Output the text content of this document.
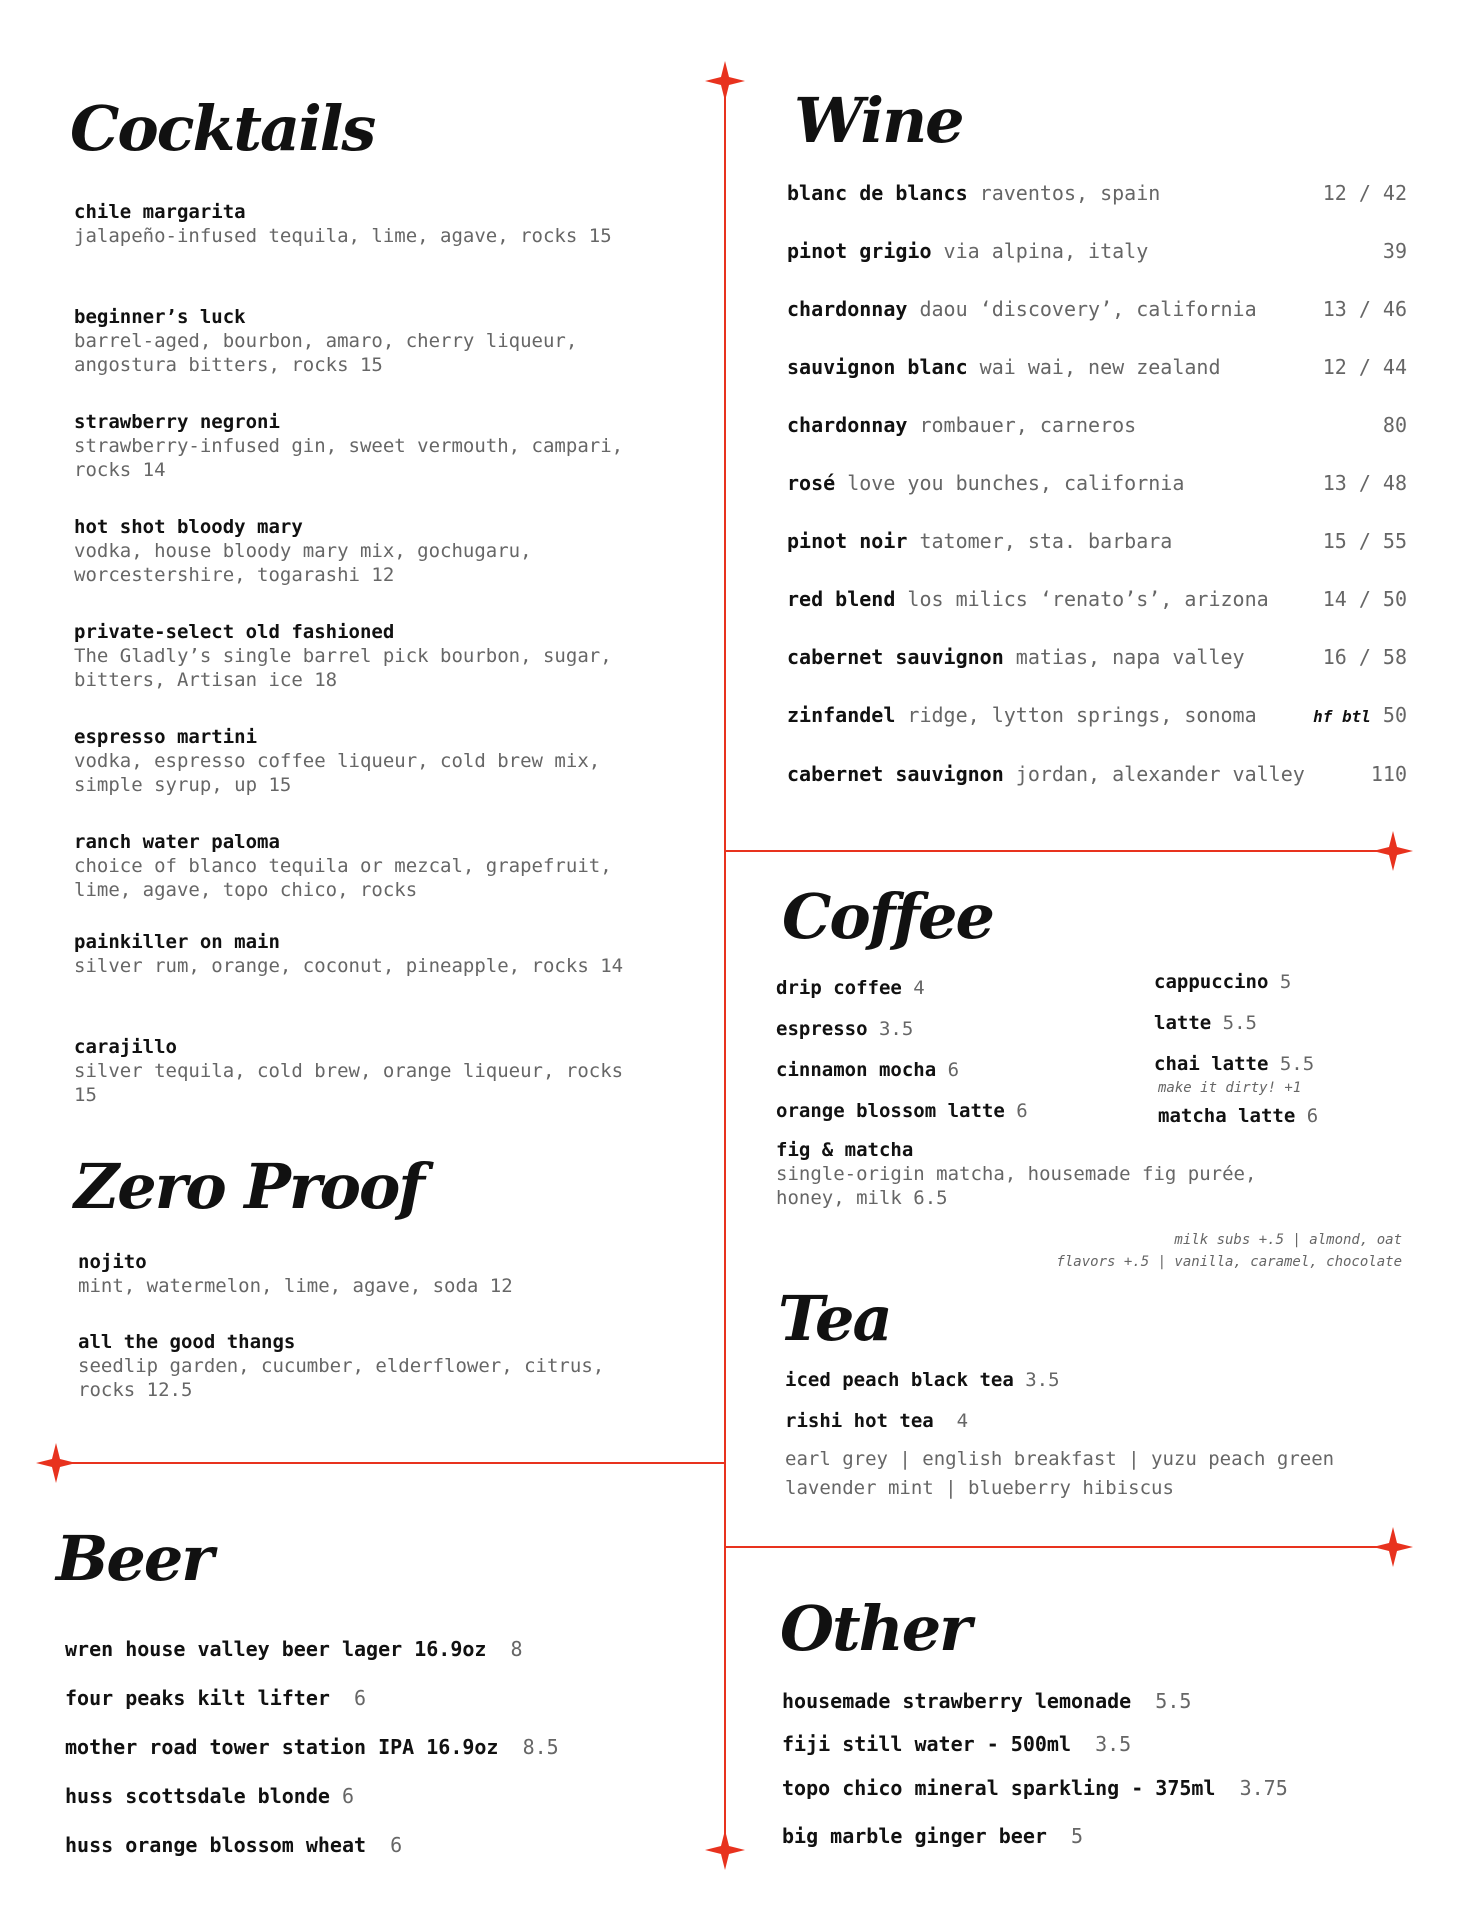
Cocktails
Zero Proof
Beer
Wine
Coffee
Tea
Other
chile margarita
jalapeño-infused tequila, lime, agave, rocks 15
beginner’s luck
barrel-aged, bourbon, amaro, cherry liqueur, angostura bitters, rocks 15
strawberry negroni
strawberry-infused gin, sweet vermouth, campari, rocks 14
hot shot bloody mary
vodka, house bloody mary mix, gochugaru, worcestershire, togarashi 12
private-select old fashioned
The Gladly’s single barrel pick bourbon, sugar, bitters, Artisan ice 18
espresso martini
vodka, espresso coffee liqueur, cold brew mix, simple syrup, up 15
ranch water paloma
choice of blanco tequila or mezcal, grapefruit, lime, agave, topo chico, rocks
painkiller on main
silver rum, orange, coconut, pineapple, rocks 14
carajillo
silver tequila, cold brew, orange liqueur, rocks 15
nojito
mint, watermelon, lime, agave, soda 12
all the good thangs
seedlip garden, cucumber, elderflower, citrus, rocks 12.5
wren house valley beer lager 16.9oz 8
four peaks kilt lifter 6
mother road tower station IPA 16.9oz 8.5
huss scottsdale blonde 6
huss orange blossom wheat 6
blanc de blancs raventos, spain	12 / 42
pinot grigio via alpina, italy	39
chardonnay daou ‘discovery’, california	13 / 46
sauvignon blanc wai wai, new zealand	12 / 44
chardonnay rombauer, carneros	80
rosé love you bunches, california	13 / 48
pinot noir tatomer, sta. barbara	15 / 55
red blend los milics ‘renato’s’, arizona	14 / 50
cabernet sauvignon matias, napa valley	16 / 58
zinfandel ridge, lytton springs, sonoma	hf btl 50
cabernet sauvignon jordan, alexander valley	110
drip coffee 4
espresso 3.5
cinnamon mocha 6
orange blossom latte 6
cappuccino 5
latte 5.5
chai latte 5.5
make it dirty! +1
matcha latte 6
fig & matcha
single-origin matcha, housemade fig purée, honey, milk 6.5
milk subs +.5 | almond, oat
flavors +.5 | vanilla, caramel, chocolate
iced peach black tea 3.5
rishi hot tea 4
earl grey | english breakfast | yuzu peach green
lavender mint | blueberry hibiscus
housemade strawberry lemonade 5.5
fiji still water - 500ml 3.5
topo chico mineral sparkling - 375ml 3.75
big marble ginger beer 5
